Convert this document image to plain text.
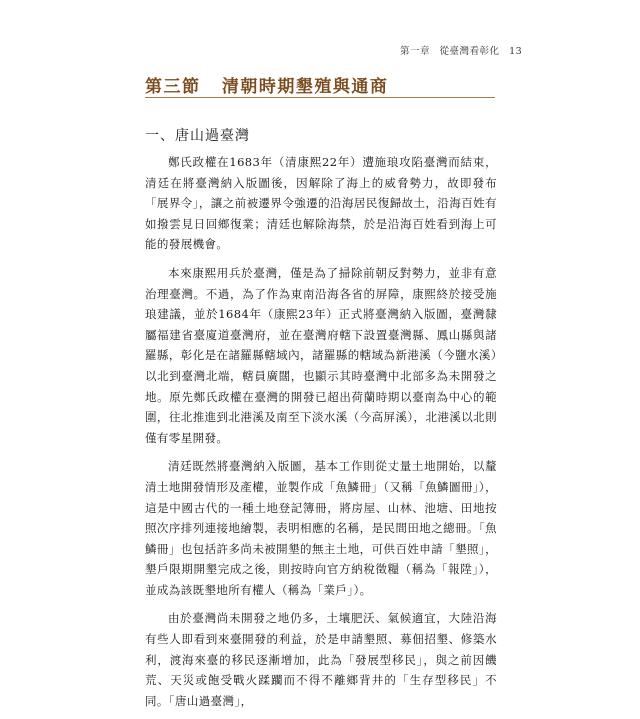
第一章 從臺灣看彰化 13
第三節 清朝時期墾殖與通商
一、唐山過臺灣

鄭氏政權在1683年（清康熙22年）遭施琅攻陷臺灣而結束，清廷在將臺灣納入版圖後，因解除了海上的威脅勢力，故即發布「展界令」，讓之前被遷界令強遷的沿海居民復歸故土，沿海百姓有如撥雲見日回鄉復業；清廷也解除海禁，於是沿海百姓看到海上可能的發展機會。

本來康熙用兵於臺灣，僅是為了掃除前朝反對勢力，並非有意治理臺灣。不過，為了作為東南沿海各省的屏障，康熙終於接受施琅建議，並於1684年（康熙23年）正式將臺灣納入版圖，臺灣隸屬福建省臺廈道臺灣府，並在臺灣府轄下設置臺灣縣、鳳山縣與諸羅縣，彰化是在諸羅縣轄域內，諸羅縣的轄域為新港溪（今鹽水溪）以北到臺灣北端，轄員廣闊，也顯示其時臺灣中北部多為未開發之地。原先鄭氏政權在臺灣的開發已超出荷蘭時期以臺南為中心的範圍，往北推進到北港溪及南至下淡水溪（今高屏溪），北港溪以北則僅有零星開發。

清廷既然將臺灣納入版圖，基本工作則從丈量土地開始，以釐清土地開發情形及產權，並製作成「魚鱗冊」（又稱「魚鱗圖冊」），這是中國古代的一種土地登記簿冊，將房屋、山林、池塘、田地按照次序排列連接地繪製，表明相應的名稱，是民間田地之總冊。「魚鱗冊」也包括許多尚未被開墾的無主土地，可供百姓申請「墾照」，墾戶限期開墾完成之後，則按時向官方納稅徵糧（稱為「報陞」），並成為該既墾地所有權人（稱為「業戶」）。

由於臺灣尚未開發之地仍多，土壤肥沃、氣候適宜，大陸沿海有些人即看到來臺開發的利益，於是申請墾照、募佃招墾、修築水利，渡海來臺的移民逐漸增加，此為「發展型移民」，與之前因饑荒、天災或飽受戰火蹂躪而不得不離鄉背井的「生存型移民」不同。「唐山過臺灣」，
